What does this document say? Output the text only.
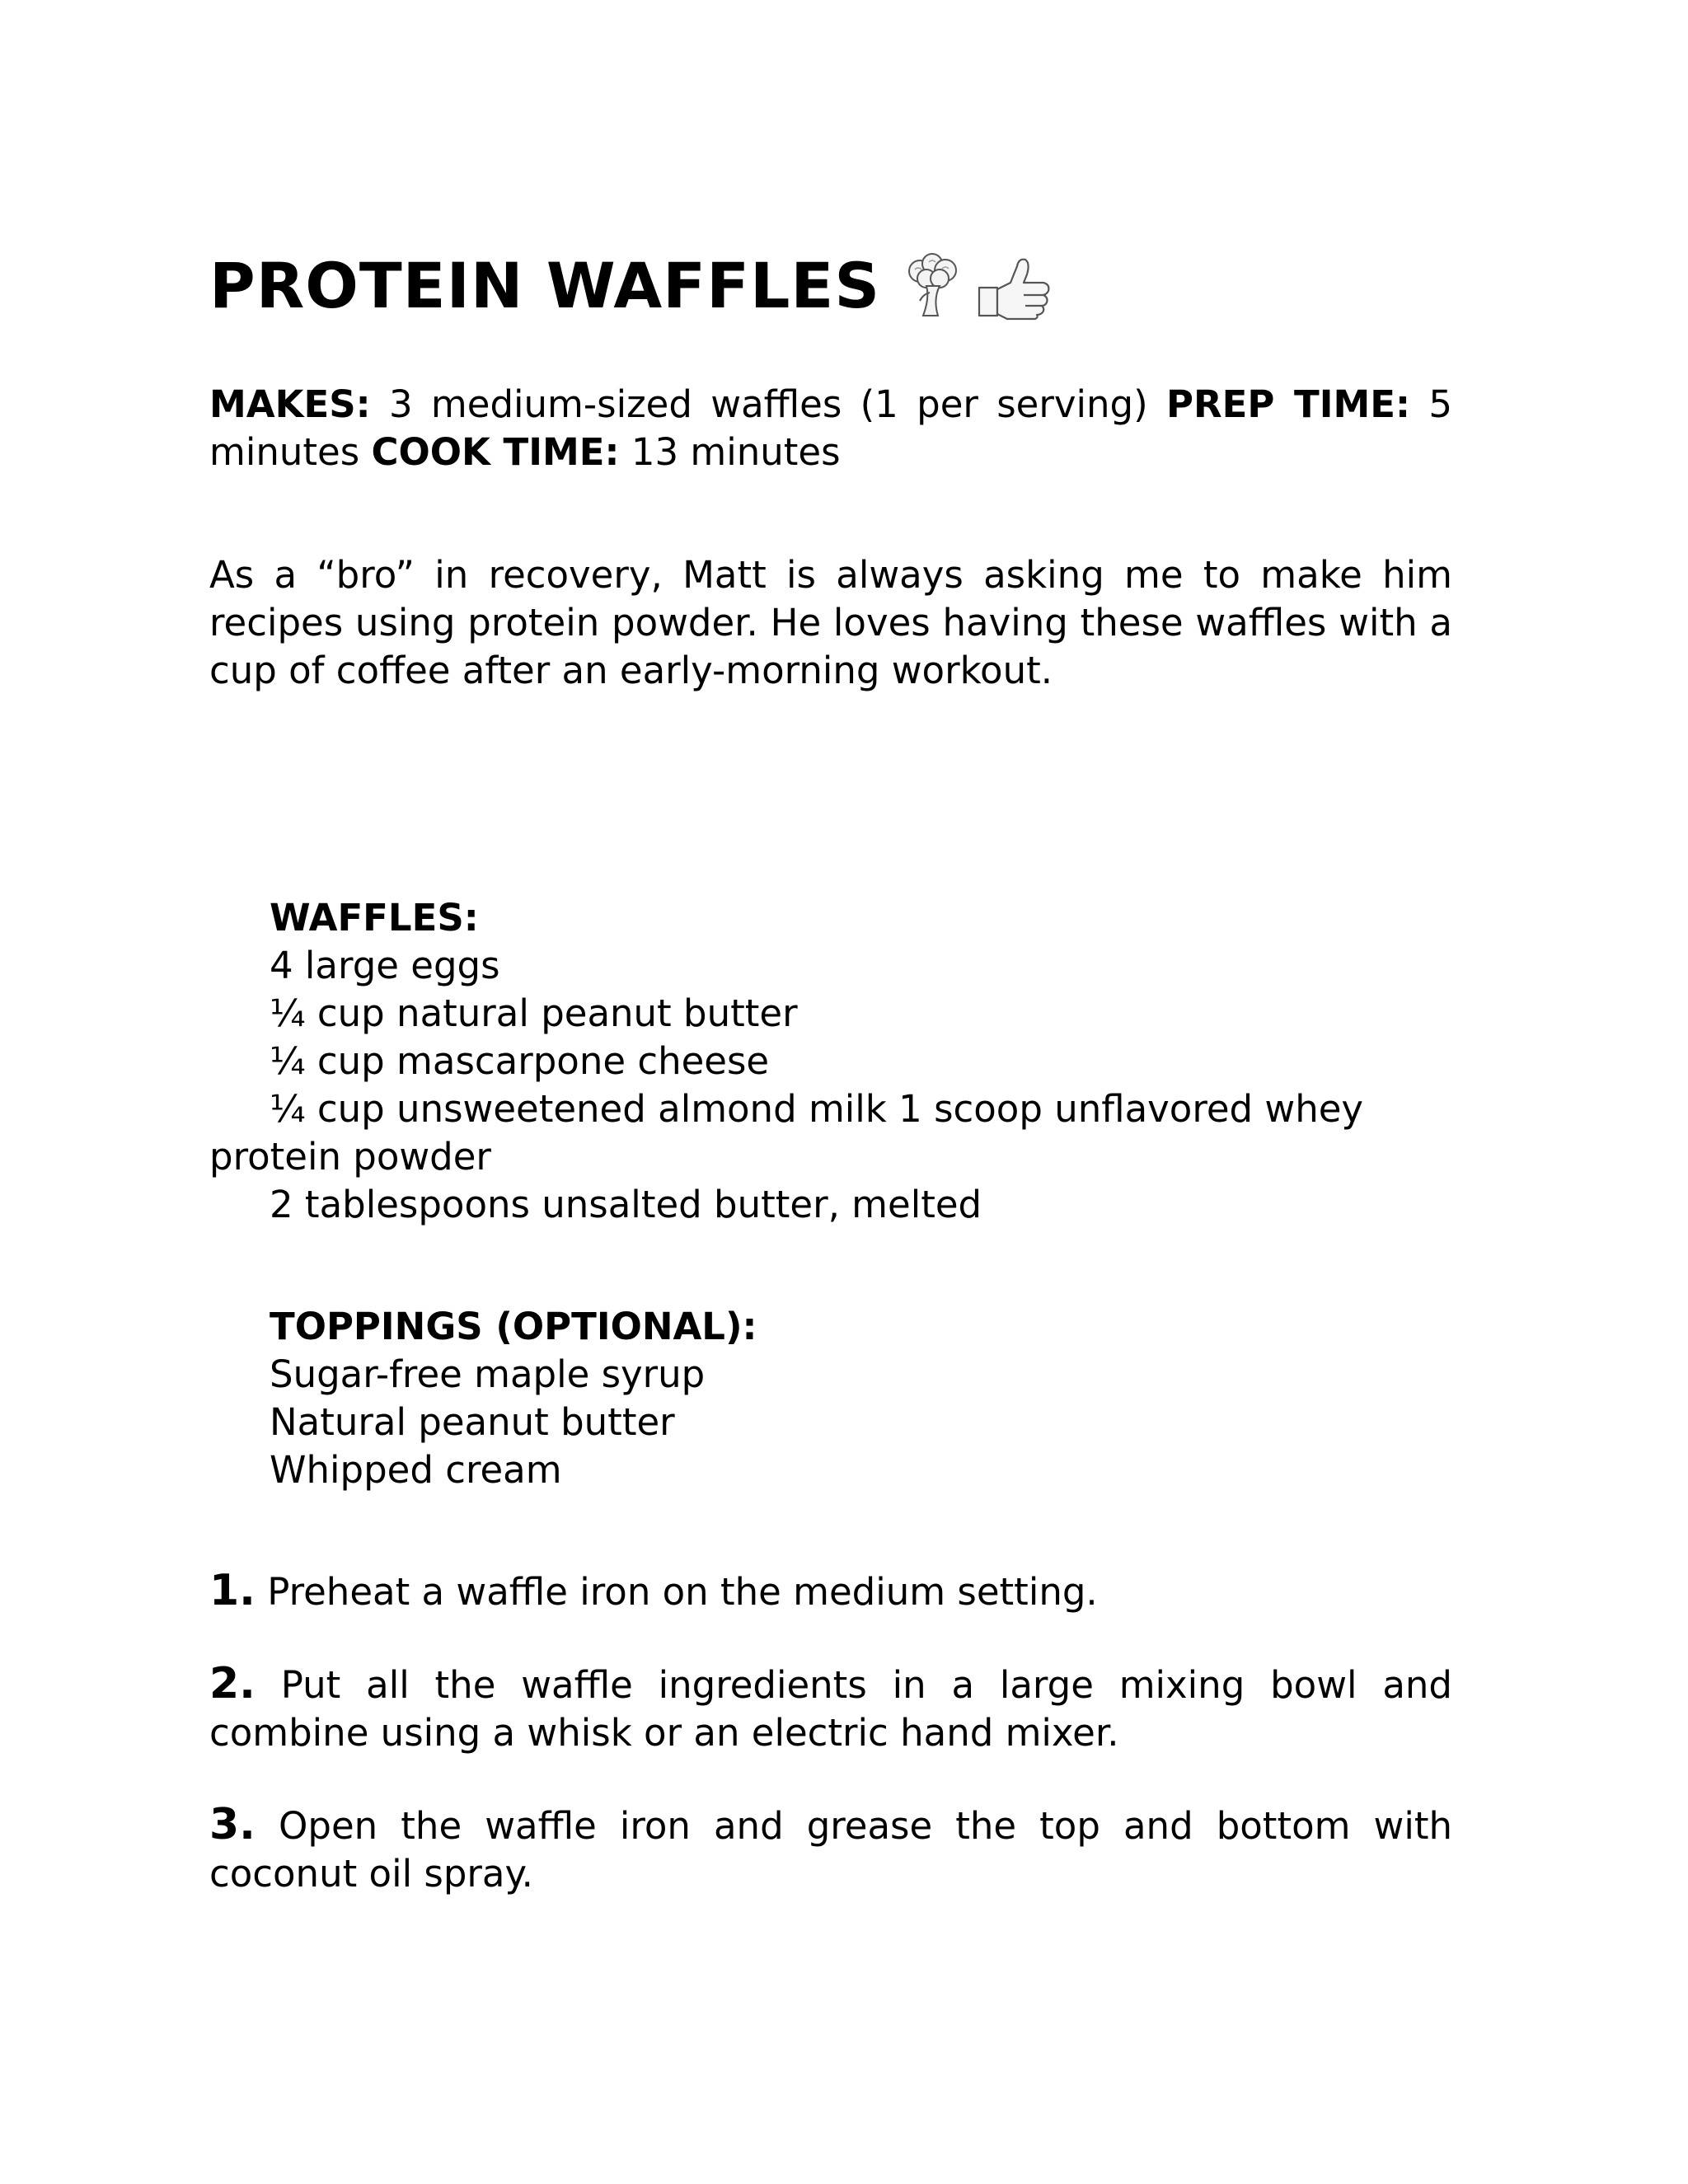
PROTEIN WAFFLES
MAKES: 3 medium-sized waffles (1 per serving) PREP TIME: 5 minutes COOK TIME: 13 minutes
As a “bro” in recovery, Matt is always asking me to make him recipes using protein powder. He loves having these waffles with a cup of coffee after an early-morning workout.
WAFFLES:
4 large eggs
¼ cup natural peanut butter
¼ cup mascarpone cheese
¼ cup unsweetened almond milk 1 scoop unflavored whey protein powder
2 tablespoons unsalted butter, melted
TOPPINGS (OPTIONAL):
Sugar-free maple syrup
Natural peanut butter
Whipped cream
1. Preheat a waffle iron on the medium setting.
2. Put all the waffle ingredients in a large mixing bowl and combine using a whisk or an electric hand mixer.
3. Open the waffle iron and grease the top and bottom with coconut oil spray.
